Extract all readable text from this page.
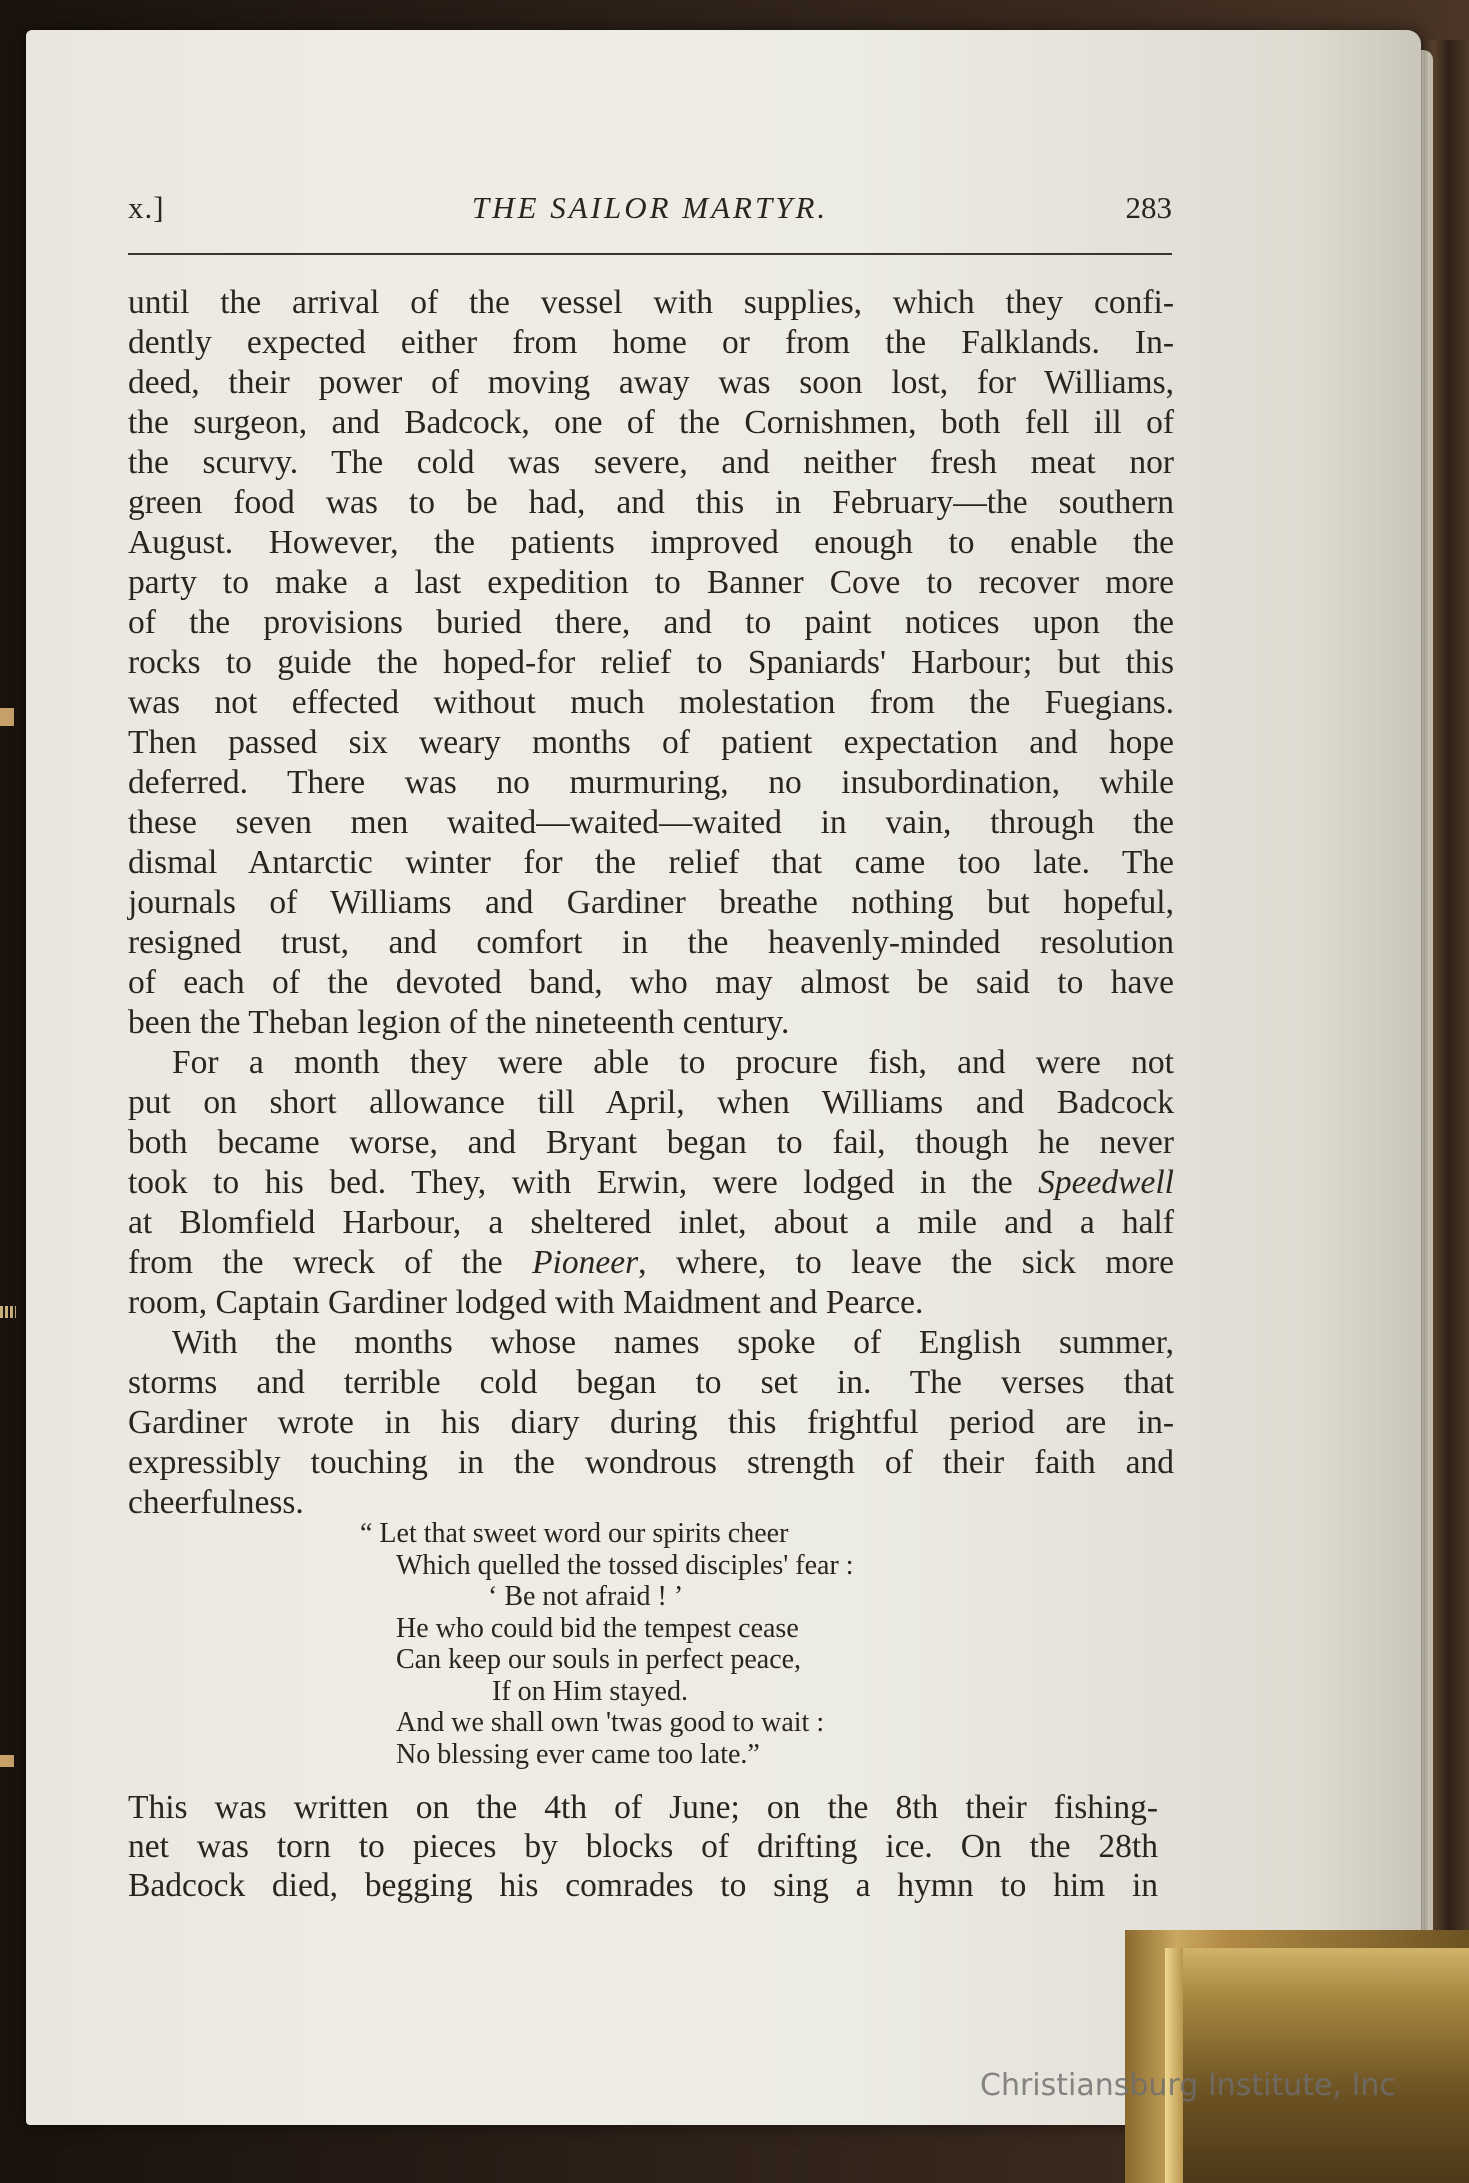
x.]	THE SAILOR MARTYR.	283
until the arrival of the vessel with supplies, which they confi-
dently expected either from home or from the Falklands. In-
deed, their power of moving away was soon lost, for Williams,
the surgeon, and Badcock, one of the Cornishmen, both fell ill of
the scurvy. The cold was severe, and neither fresh meat nor
green food was to be had, and this in February—the southern
August. However, the patients improved enough to enable the
party to make a last expedition to Banner Cove to recover more
of the provisions buried there, and to paint notices upon the
rocks to guide the hoped-for relief to Spaniards' Harbour; but this
was not effected without much molestation from the Fuegians.
Then passed six weary months of patient expectation and hope
deferred. There was no murmuring, no insubordination, while
these seven men waited—waited—waited in vain, through the
dismal Antarctic winter for the relief that came too late. The
journals of Williams and Gardiner breathe nothing but hopeful,
resigned trust, and comfort in the heavenly-minded resolution
of each of the devoted band, who may almost be said to have
been the Theban legion of the nineteenth century.
For a month they were able to procure fish, and were not
put on short allowance till April, when Williams and Badcock
both became worse, and Bryant began to fail, though he never
took to his bed. They, with Erwin, were lodged in the Speedwell
at Blomfield Harbour, a sheltered inlet, about a mile and a half
from the wreck of the Pioneer, where, to leave the sick more
room, Captain Gardiner lodged with Maidment and Pearce.
With the months whose names spoke of English summer,
storms and terrible cold began to set in. The verses that
Gardiner wrote in his diary during this frightful period are in-
expressibly touching in the wondrous strength of their faith and
cheerfulness.
“ Let that sweet word our spirits cheer
Which quelled the tossed disciples' fear :
‘ Be not afraid ! ’
He who could bid the tempest cease
Can keep our souls in perfect peace,
If on Him stayed.
And we shall own 'twas good to wait :
No blessing ever came too late.”
This was written on the 4th of June; on the 8th their fishing-
net was torn to pieces by blocks of drifting ice. On the 28th
Badcock died, begging his comrades to sing a hymn to him in
Christiansburg Institute, Inc
